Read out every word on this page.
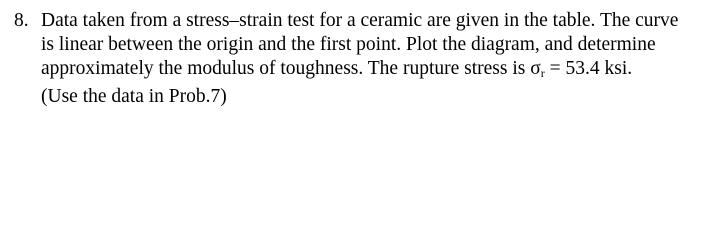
8. Data taken from a stress–strain test for a ceramic are given in the table. The curve
is linear between the origin and the first point. Plot the diagram, and determine
approximately the modulus of toughness. The rupture stress is $\sigma_r = 53.4$ ksi.
(Use the data in Prob.7)
